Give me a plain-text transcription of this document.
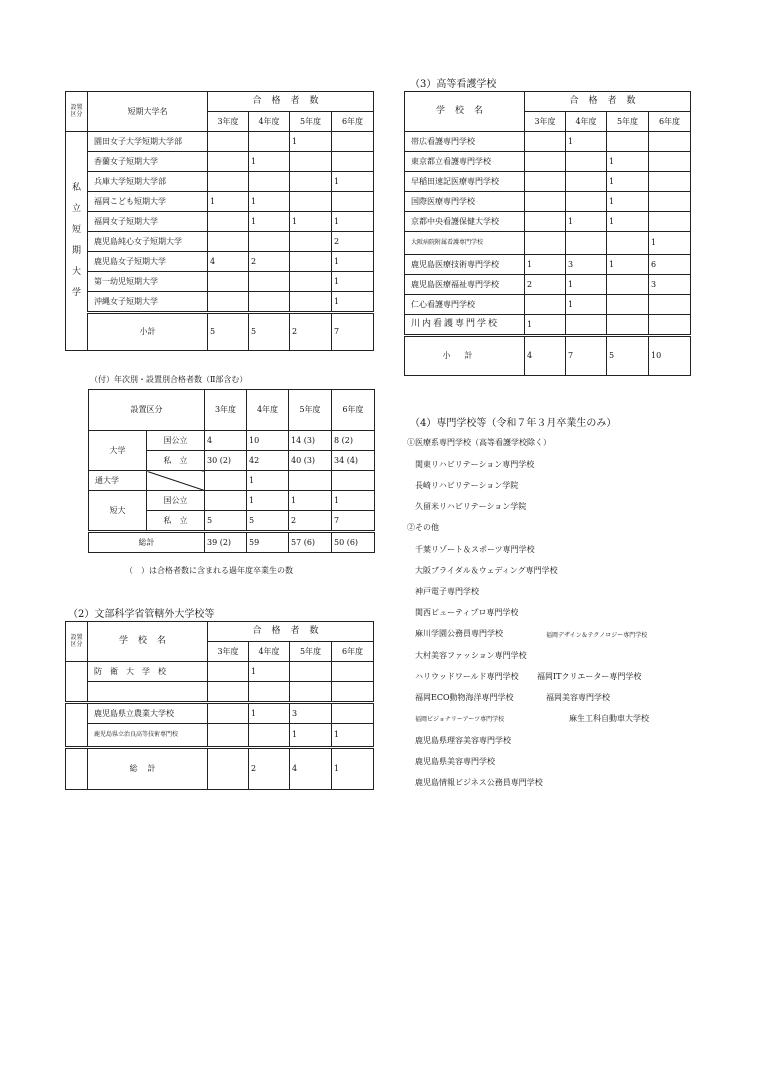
設置区分	短期大学名	合格者数			
		3年度	4年度	5年度	6年度
私立短期大学	園田女子大学短期大学部			1	
	香蘭女子短期大学		1		
	兵庫大学短期大学部				1
	福岡こども短期大学	1	1		
	福岡女子短期大学		1	1	1
	鹿児島純心女子短期大学				2
	鹿児島女子短期大学	4	2		1
	第一幼児短期大学				1
	沖縄女子短期大学				1
	小計	5	5	2	7
（付）年次別・設置別合格者数（Ⅱ部含む）
設置区分		3年度	4年度	5年度	6年度
大学	国公立	4	10	14 (3)	8 (2)
	私　立	30 (2)	42	40 (3)	34 (4)
通大学			1		
短大	国公立		1	1	1
	私　立	5	5	2	7
総計		39 (2)	59	57 (6)	50 (6)
（　）は合格者数に含まれる過年度卒業生の数
（2）文部科学省管轄外大学校等
設置区分	学校名	合格者数			
		3年度	4年度	5年度	6年度
	防衛大学校		1		

	鹿児島県立農業大学校		1	3	
	鹿児島県立治良高等技術専門校			1	1
	総計		2	4	1
（3）高等看護学校
学校名	合格者数			
	3年度	4年度	5年度	6年度
帯広看護専門学校		1		
東京都立看護専門学校			1	
早稲田速記医療専門学校			1	
国際医療専門学校			1	
京都中央看護保健大学校		1	1	
大阪病院附属看護専門学校				1
鹿児島医療技術専門学校	1	3	1	6
鹿児島医療福祉専門学校	2	1		3
仁心看護専門学校		1		
川内看護専門学校	1			
小計	4	7	5	10
（4）専門学校等（令和７年３月卒業生のみ）
①医療系専門学校（高等看護学校除く）
関東リハビリテーション専門学校
長崎リハビリテーション学院
久留米リハビリテーション学院
②その他
千葉リゾート＆スポーツ専門学校
大阪ブライダル＆ウェディング専門学校
神戸電子専門学校
関西ビューティプロ専門学校
麻川学園公務員専門学校	福岡デザイン＆テクノロジー専門学校
大村美容ファッション専門学校
ハリウッドワールド専門学校 福岡ITクリエーター専門学校
福岡ECO動物海洋専門学校	福岡美容専門学校
福岡ビジョナリーアーツ専門学校	麻生工科自動車大学校
鹿児島県理容美容専門学校
鹿児島県美容専門学校
鹿児島情報ビジネス公務員専門学校
